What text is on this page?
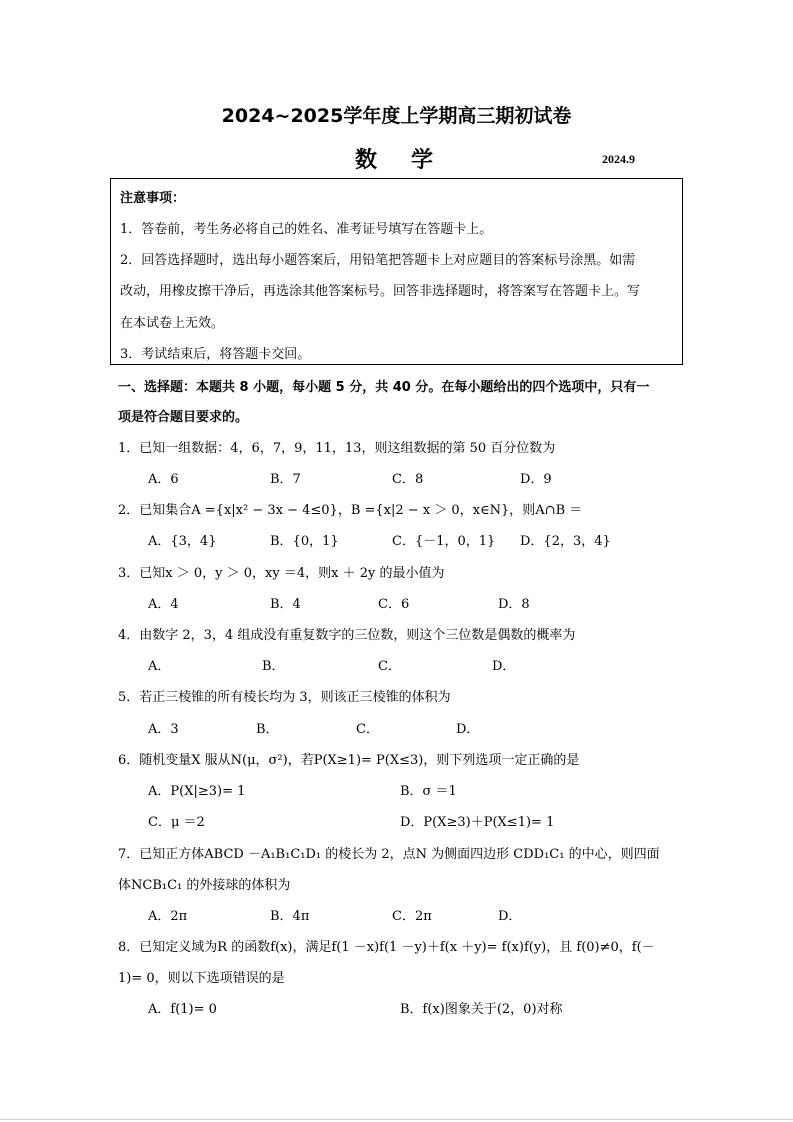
2024~2025学年度上学期高三期初试卷
数学	2024.9
注意事项：
1．答卷前，考生务必将自己的姓名、准考证号填写在答题卡上。
2．回答选择题时，选出每小题答案后，用铅笔把答题卡上对应题目的答案标号涂黑。如需
改动，用橡皮擦干净后，再选涂其他答案标号。回答非选择题时，将答案写在答题卡上。写
在本试卷上无效。
3．考试结束后，将答题卡交回。
一、选择题：本题共 8 小题，每小题 5 分，共 40 分。在每小题给出的四个选项中，只有一
项是符合题目要求的。
1．已知一组数据：4，6，7，9，11，13，则这组数据的第 50 百分位数为
A．6	B．7	C．8	D．9
2．已知集合A ={x|x² − 3x − 4≤0}，B ={x|2 − x ＞ 0，x∈N}，则A∩B ＝
A．{3，4}	B．{0，1}	C．{－1，0，1} D．{2，3，4}
3．已知x ＞ 0，y ＞ 0，xy ＝4，则x ＋ 2y 的最小值为
A．4	B．4	C．6	D．8
4．由数字 2，3，4 组成没有重复数字的三位数，则这个三位数是偶数的概率为
A．	B．	C．	D．
5．若正三棱锥的所有棱长均为 3，则该正三棱锥的体积为
A．3	B．	C．	D．
6．随机变量X 服从N(μ，σ²)，若P(X≥1)= P(X≤3)，则下列选项一定正确的是
A．P(X|≥3)= 1	B．σ ＝1
C．μ ＝2	D．P(X≥3)＋P(X≤1)= 1
7．已知正方体ABCD －A₁B₁C₁D₁ 的棱长为 2，点N 为侧面四边形 CDD₁C₁ 的中心，则四面
体NCB₁C₁ 的外接球的体积为
A．2π	B．4π	C．2π	D．
8．已知定义域为R 的函数f(x)，满足f(1 －x)f(1 －y)＋f(x ＋y)= f(x)f(y)，且 f(0)≠0，f(－
1)= 0，则以下选项错误的是
A．f(1)= 0	B．f(x)图象关于(2，0)对称
